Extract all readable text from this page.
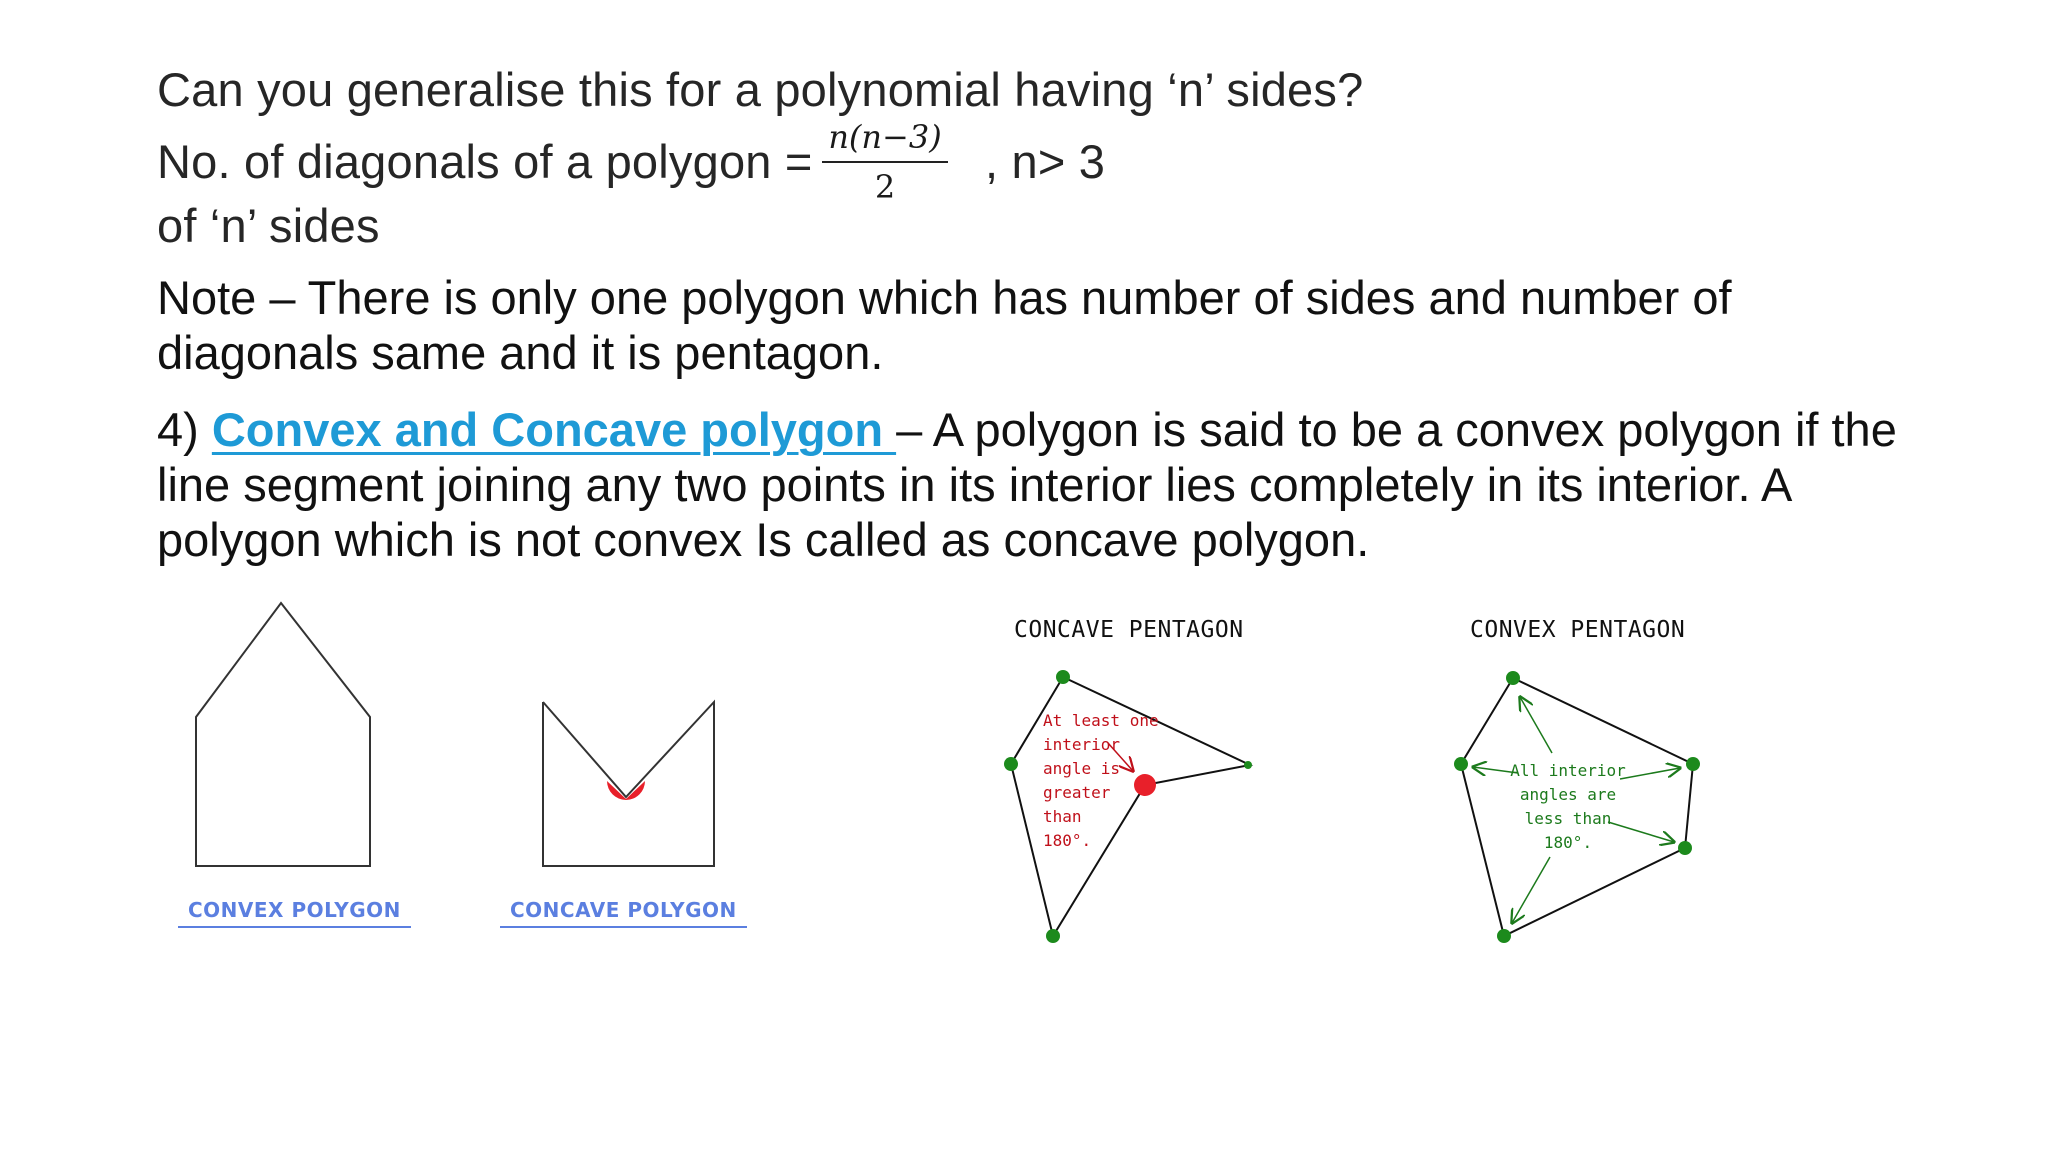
Can you generalise this for a polynomial having ‘n’ sides?
No. of diagonals of a polygon = n(n−3)
2	, n> 3
of ‘n’ sides
Note – There is only one polygon which has number of sides and number of
diagonals same and it is pentagon.
4) Convex and Concave polygon – A polygon is said to be a convex polygon if the
line segment joining any two points in its interior lies completely in its interior. A
polygon which is not convex Is called as concave polygon.
CONVEX POLYGON	CONCAVE POLYGON
CONCAVE PENTAGON	CONVEX PENTAGON
At least one
interior
angle is
greater
than
180°.
All interior
angles are
less than
180°.
